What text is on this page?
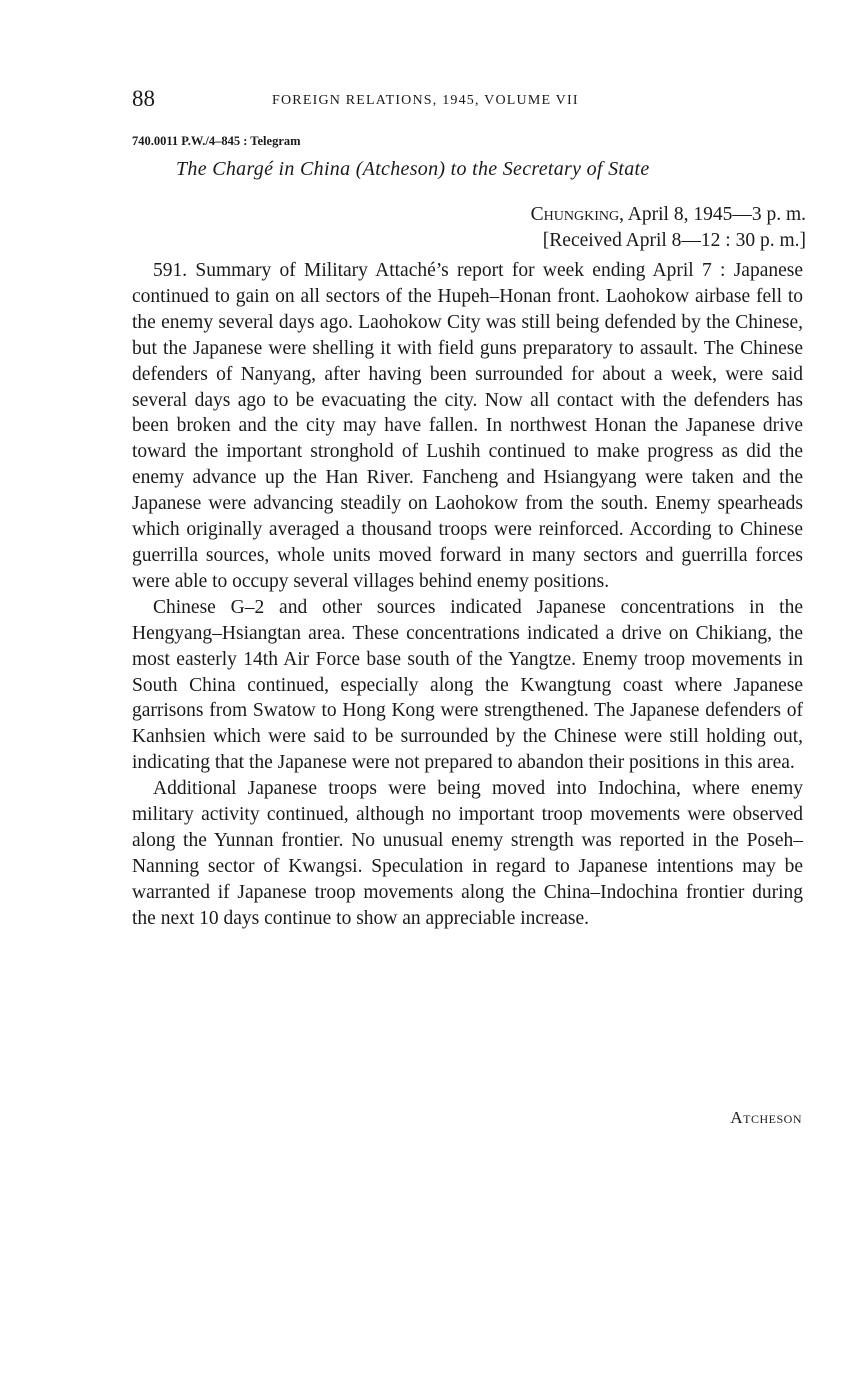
88	FOREIGN RELATIONS, 1945, VOLUME VII
740.0011 P.W./4–845 : Telegram
The Chargé in China (Atcheson) to the Secretary of State
Chungking, April 8, 1945—3 p. m.
[Received April 8—12 : 30 p. m.]

591. Summary of Military Attaché’s report for week ending April 7 : Japanese continued to gain on all sectors of the Hupeh–Honan front. Laohokow airbase fell to the enemy several days ago. Laohokow City was still being defended by the Chinese, but the Japanese were shelling it with field guns preparatory to assault. The Chinese defenders of Nanyang, after having been surrounded for about a week, were said several days ago to be evacuating the city. Now all contact with the defenders has been broken and the city may have fallen. In northwest Honan the Japanese drive toward the important stronghold of Lushih continued to make progress as did the enemy advance up the Han River. Fancheng and Hsiangyang were taken and the Japanese were advancing steadily on Laohokow from the south. Enemy spearheads which originally averaged a thousand troops were reinforced. According to Chinese guerrilla sources, whole units moved forward in many sectors and guerrilla forces were able to occupy several villages behind enemy positions.

Chinese G–2 and other sources indicated Japanese concentrations in the Hengyang–Hsiangtan area. These concentrations indicated a drive on Chikiang, the most easterly 14th Air Force base south of the Yangtze. Enemy troop movements in South China continued, especially along the Kwangtung coast where Japanese garrisons from Swatow to Hong Kong were strengthened. The Japanese defenders of Kanhsien which were said to be surrounded by the Chinese were still holding out, indicating that the Japanese were not prepared to abandon their positions in this area.

Additional Japanese troops were being moved into Indochina, where enemy military activity continued, although no important troop movements were observed along the Yunnan frontier. No unusual enemy strength was reported in the Poseh–Nanning sector of Kwangsi. Speculation in regard to Japanese intentions may be warranted if Japanese troop movements along the China–Indochina frontier during the next 10 days continue to show an appreciable increase.

Atcheson
